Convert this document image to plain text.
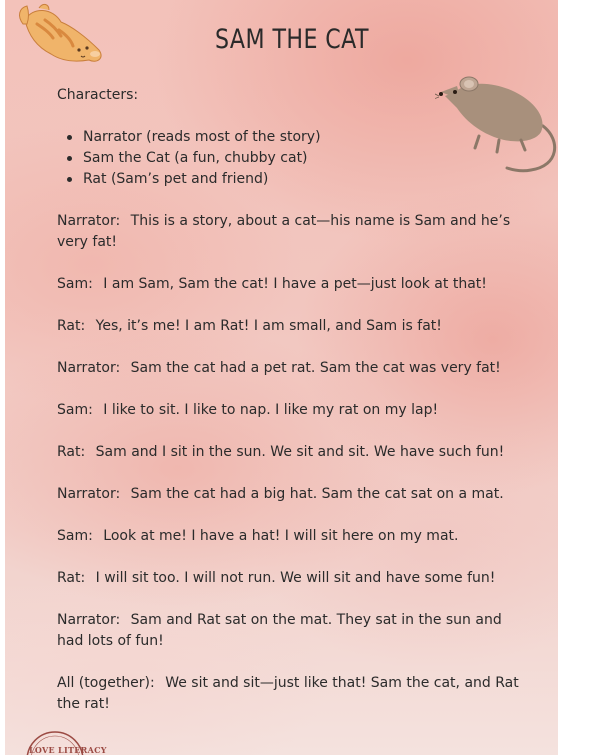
SAM THE CAT

Characters:

Narrator (reads most of the story)
Sam the Cat (a fun, chubby cat)
Rat (Sam’s pet and friend)

Narrator: This is a story, about a cat—his name is Sam and he’s very fat!

Sam: I am Sam, Sam the cat! I have a pet—just look at that!

Rat: Yes, it’s me! I am Rat! I am small, and Sam is fat!

Narrator: Sam the cat had a pet rat. Sam the cat was very fat!

Sam: I like to sit. I like to nap. I like my rat on my lap!

Rat: Sam and I sit in the sun. We sit and sit. We have such fun!

Narrator: Sam the cat had a big hat. Sam the cat sat on a mat.

Sam: Look at me! I have a hat! I will sit here on my mat.

Rat: I will sit too. I will not run. We will sit and have some fun!

Narrator: Sam and Rat sat on the mat. They sat in the sun and had lots of fun!

All (together): We sit and sit—just like that! Sam the cat, and Rat the rat!

LOVE LITERACY
